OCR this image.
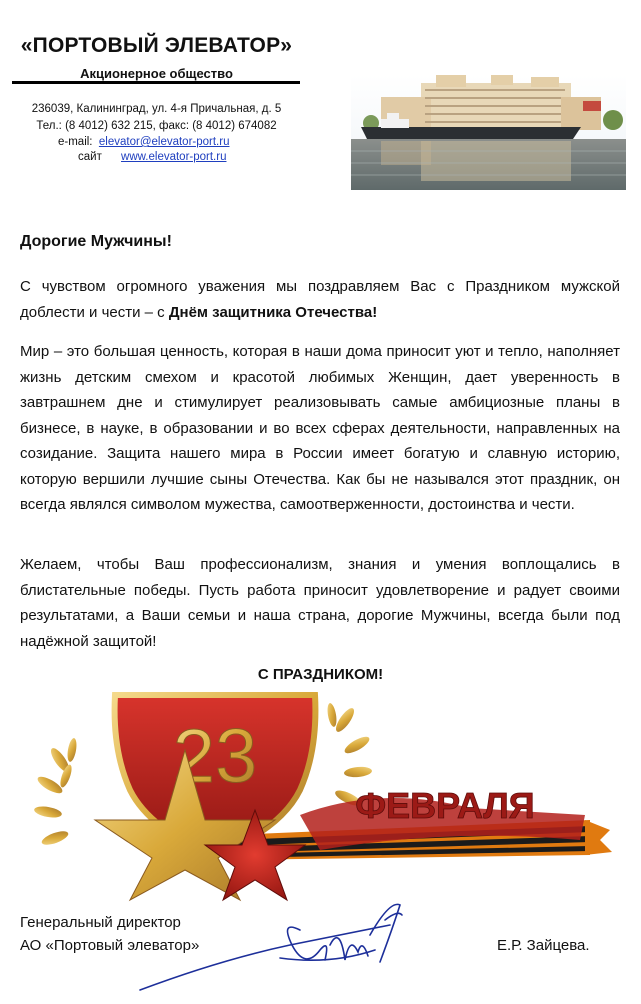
«ПОРТОВЫЙ ЭЛЕВАТОР»
Акционерное общество
236039, Калининград, ул. 4-я Причальная, д. 5
Тел.: (8 4012) 632 215, факс: (8 4012) 674082
e-mail: elevator@elevator-port.ru
сайт www.elevator-port.ru
Дорогие Мужчины!
С чувством огромного уважения мы поздравляем Вас с Праздником мужской доблести и чести – с Днём защитника Отечества!
Мир – это большая ценность, которая в наши дома приносит уют и тепло, наполняет жизнь детским смехом и красотой любимых Женщин, дает уверенность в завтрашнем дне и стимулирует реализовывать самые амбициозные планы в бизнесе, в науке, в образовании и во всех сферах деятельности, направленных на созидание. Защита нашего мира в России имеет богатую и славную историю, которую вершили лучшие сыны Отечества. Как бы не назывался этот праздник, он всегда являлся символом мужества, самоотверженности, достоинства и чести.
Желаем, чтобы Ваш профессионализм, знания и умения воплощались в блистательные победы. Пусть работа приносит удовлетворение и радует своими результатами, а Ваши семьи и наша страна, дорогие Мужчины, всегда были под надёжной защитой!
С ПРАЗДНИКОМ!
23
ФЕВРАЛЯ
Генеральный директор
АО «Портовый элеватор»	Е.Р. Зайцева.
